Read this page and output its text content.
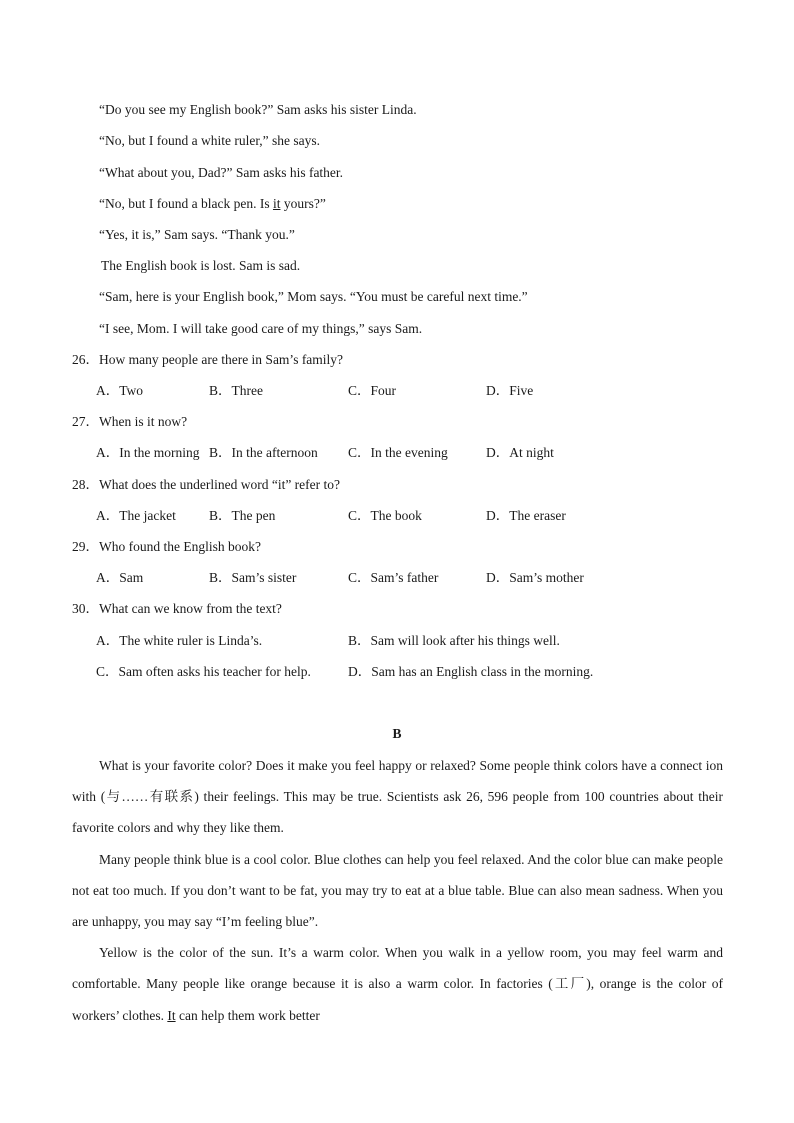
“Do you see my English book?” Sam asks his sister Linda.
“No, but I found a white ruler,” she says.
“What about you, Dad?” Sam asks his father.
“No, but I found a black pen. Is it yours?”
“Yes, it is,” Sam says. “Thank you.”
The English book is lost. Sam is sad.
“Sam, here is your English book,” Mom says. “You must be careful next time.”
“I see, Mom. I will take good care of my things,” says Sam.
26．How many people are there in Sam’s family?
A．Two	B．Three	C．Four	D．Five
27．When is it now?
A．In the morning B．In the afternoon C．In the evening	D．At night
28．What does the underlined word “it” refer to?
A．The jacket B．The pen	C．The book	D．The eraser
29．Who found the English book?
A．Sam	B．Sam’s sister	C．Sam’s father	D．Sam’s mother
30．What can we know from the text?
A．The white ruler is Linda’s.	B．Sam will look after his things well.
C．Sam often asks his teacher for help.	D．Sam has an English class in the morning.
B

What is your favorite color? Does it make you feel happy or relaxed? Some people think colors have a connect ion with (与……有联系) their feelings. This may be true. Scientists ask 26, 596 people from 100 countries about their favorite colors and why they like them.

Many people think blue is a cool color. Blue clothes can help you feel relaxed. And the color blue can make people not eat too much. If you don’t want to be fat, you may try to eat at a blue table. Blue can also mean sadness. When you are unhappy, you may say “I’m feeling blue”.

Yellow is the color of the sun. It’s a warm color. When you walk in a yellow room, you may feel warm and comfortable. Many people like orange because it is also a warm color. In factories (工厂), orange is the color of workers’ clothes. It can help them work better
